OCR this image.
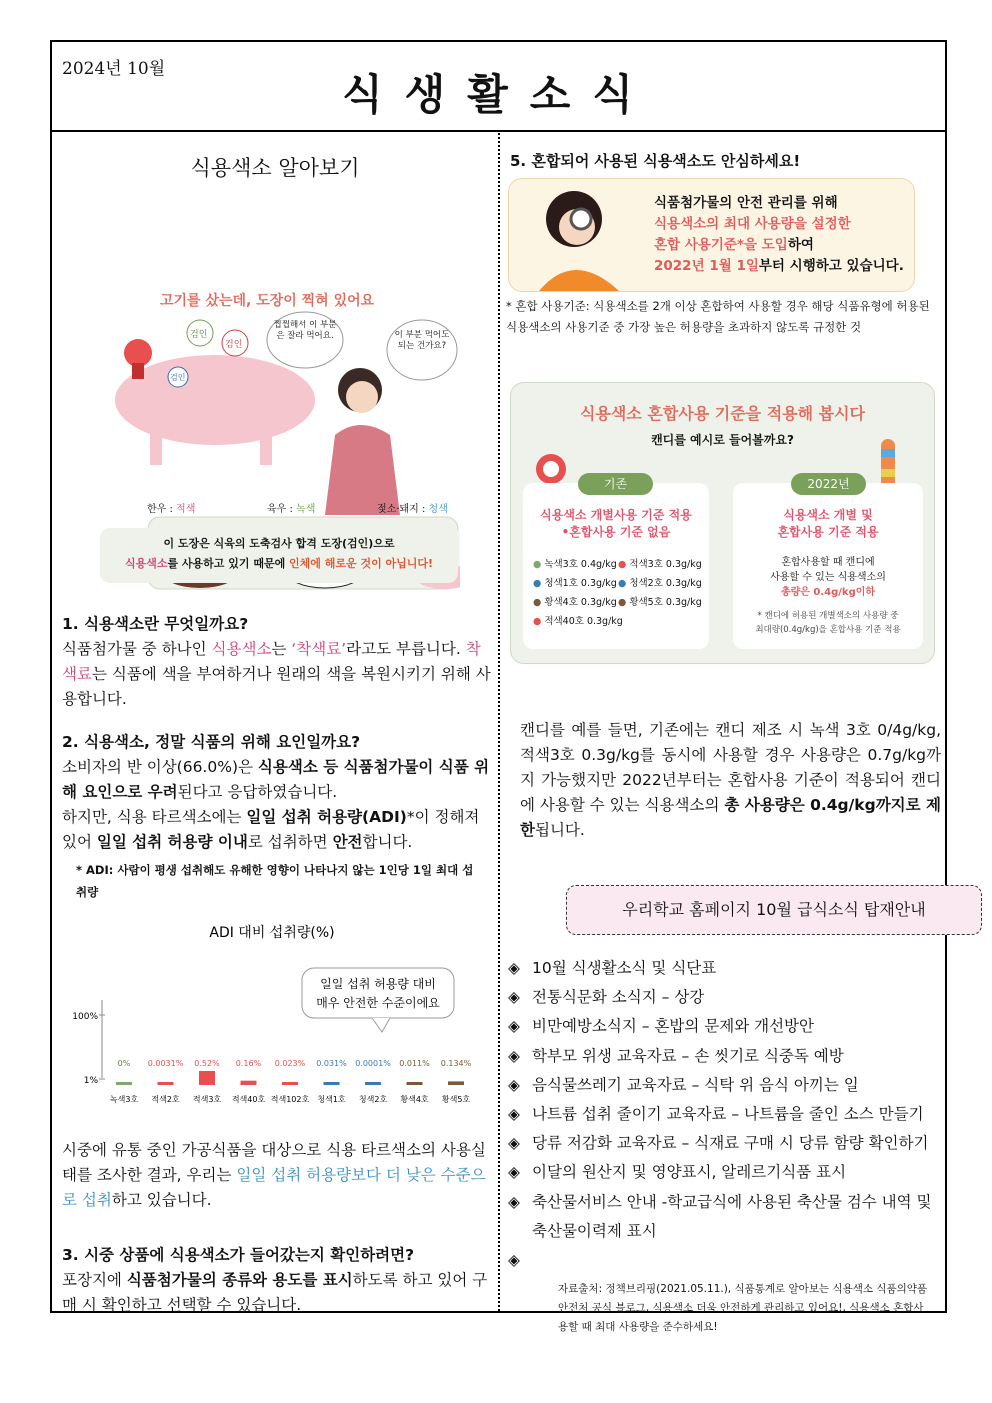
2024년 10월
식생활소식
식용색소 알아보기
고기를 샀는데, 도장이 찍혀 있어요
검인
검인
검인
찝찝해서 이 부분은 잘라 먹어요.	이 부분 먹어도 되는 건가요?
한우 : 적색	육우 : 녹색	젖소·돼지 : 청색
이 도장은 식육의 도축검사 합격 도장(검인)으로
식용색소를 사용하고 있기 때문에 인체에 해로운 것이 아닙니다!
1. 식용색소란 무엇일까요?
식품첨가물 중 하나인 식용색소는 ‘착색료’라고도 부릅니다. 착색료는 식품에 색을 부여하거나 원래의 색을 복원시키기 위해 사용합니다.
2. 식용색소, 정말 식품의 위해 요인일까요?
소비자의 반 이상(66.0%)은 식용색소 등 식품첨가물이 식품 위해 요인으로 우려된다고 응답하였습니다.
하지만, 식용 타르색소에는 일일 섭취 허용량(ADI)*이 정해져있어 일일 섭취 허용량 이내로 섭취하면 안전합니다.
* ADI: 사람이 평생 섭취해도 유해한 영향이 나타나지 않는 1인당 1일 최대 섭취량
ADI 대비 섭취량(%)
일일 섭취 허용량 대비
매우 안전한 수준이에요
100%
1%
0%
녹색3호
0.0031%
적색2호
0.52%
적색3호
0.16%
적색40호
0.023%
적색102호
0.031%
청색1호
0.0001%
청색2호
0.011%
황색4호
0.134%
황색5호
시중에 유통 중인 가공식품을 대상으로 식용 타르색소의 사용실태를 조사한 결과, 우리는 일일 섭취 허용량보다 더 낮은 수준으로 섭취하고 있습니다.
3. 시중 상품에 식용색소가 들어갔는지 확인하려면?
포장지에 식품첨가물의 종류와 용도를 표시하도록 하고 있어 구매 시 확인하고 선택할 수 있습니다.
5. 혼합되어 사용된 식용색소도 안심하세요!
식품첨가물의 안전 관리를 위해
식용색소의 최대 사용량을 설정한
혼합 사용기준*을 도입하여
2022년 1월 1일부터 시행하고 있습니다.
* 혼합 사용기준: 식용색소를 2개 이상 혼합하여 사용할 경우 해당 식품유형에 허용된 식용색소의 사용기준 중 가장 높은 허용량을 초과하지 않도록 규정한 것
식용색소 혼합사용 기준을 적용해 봅시다
캔디를 예시로 들어볼까요?
기존
식용색소 개별사용 기준 적용
•혼합사용 기준 없음
● 녹색3호 0.4g/kg● 적색3호 0.3g/kg● 청색1호 0.3g/kg● 청색2호 0.3g/kg● 황색4호 0.3g/kg● 황색5호 0.3g/kg● 적색40호 0.3g/kg
2022년
식용색소 개별 및
혼합사용 기준 적용
혼합사용할 때 캔디에
사용할 수 있는 식용색소의
총량은 0.4g/kg이하
* 캔디에 허용된 개별색소의 사용량 중
최대량(0.4g/kg)을 혼합사용 기준 적용
캔디를 예를 들면, 기존에는 캔디 제조 시 녹색 3호 0/4g/kg, 적색3호 0.3g/kg를 동시에 사용할 경우 사용량은 0.7g/kg까지 가능했지만 2022년부터는 혼합사용 기준이 적용되어 캔디에 사용할 수 있는 식용색소의 총 사용량은 0.4g/kg까지로 제한됩니다.
우리학교 홈페이지 10월 급식소식 탑재안내
◈ 10월 식생활소식 및 식단표
◈ 전통식문화 소식지 – 상강
◈ 비만예방소식지 – 혼밥의 문제와 개선방안
◈ 학부모 위생 교육자료 – 손 씻기로 식중독 예방
◈ 음식물쓰레기 교육자료 – 식탁 위 음식 아끼는 일
◈ 나트륨 섭취 줄이기 교육자료 – 나트륨을 줄인 소스 만들기
◈ 당류 저감화 교육자료 – 식재료 구매 시 당류 함량 확인하기
◈ 이달의 원산지 및 영양표시, 알레르기식품 표시
◈ 축산물서비스 안내 -학교급식에 사용된 축산물 검수 내역 및 축산물이력제 표시
◈
자료출처: 정책브리핑(2021.05.11.), 식품통계로 알아보는 식용색소 식품의약품안전처 공식 블로그, 식용색소 더욱 안전하게 관리하고 있어요!, 식용색소 혼합사용할 때 최대 사용량을 준수하세요!
